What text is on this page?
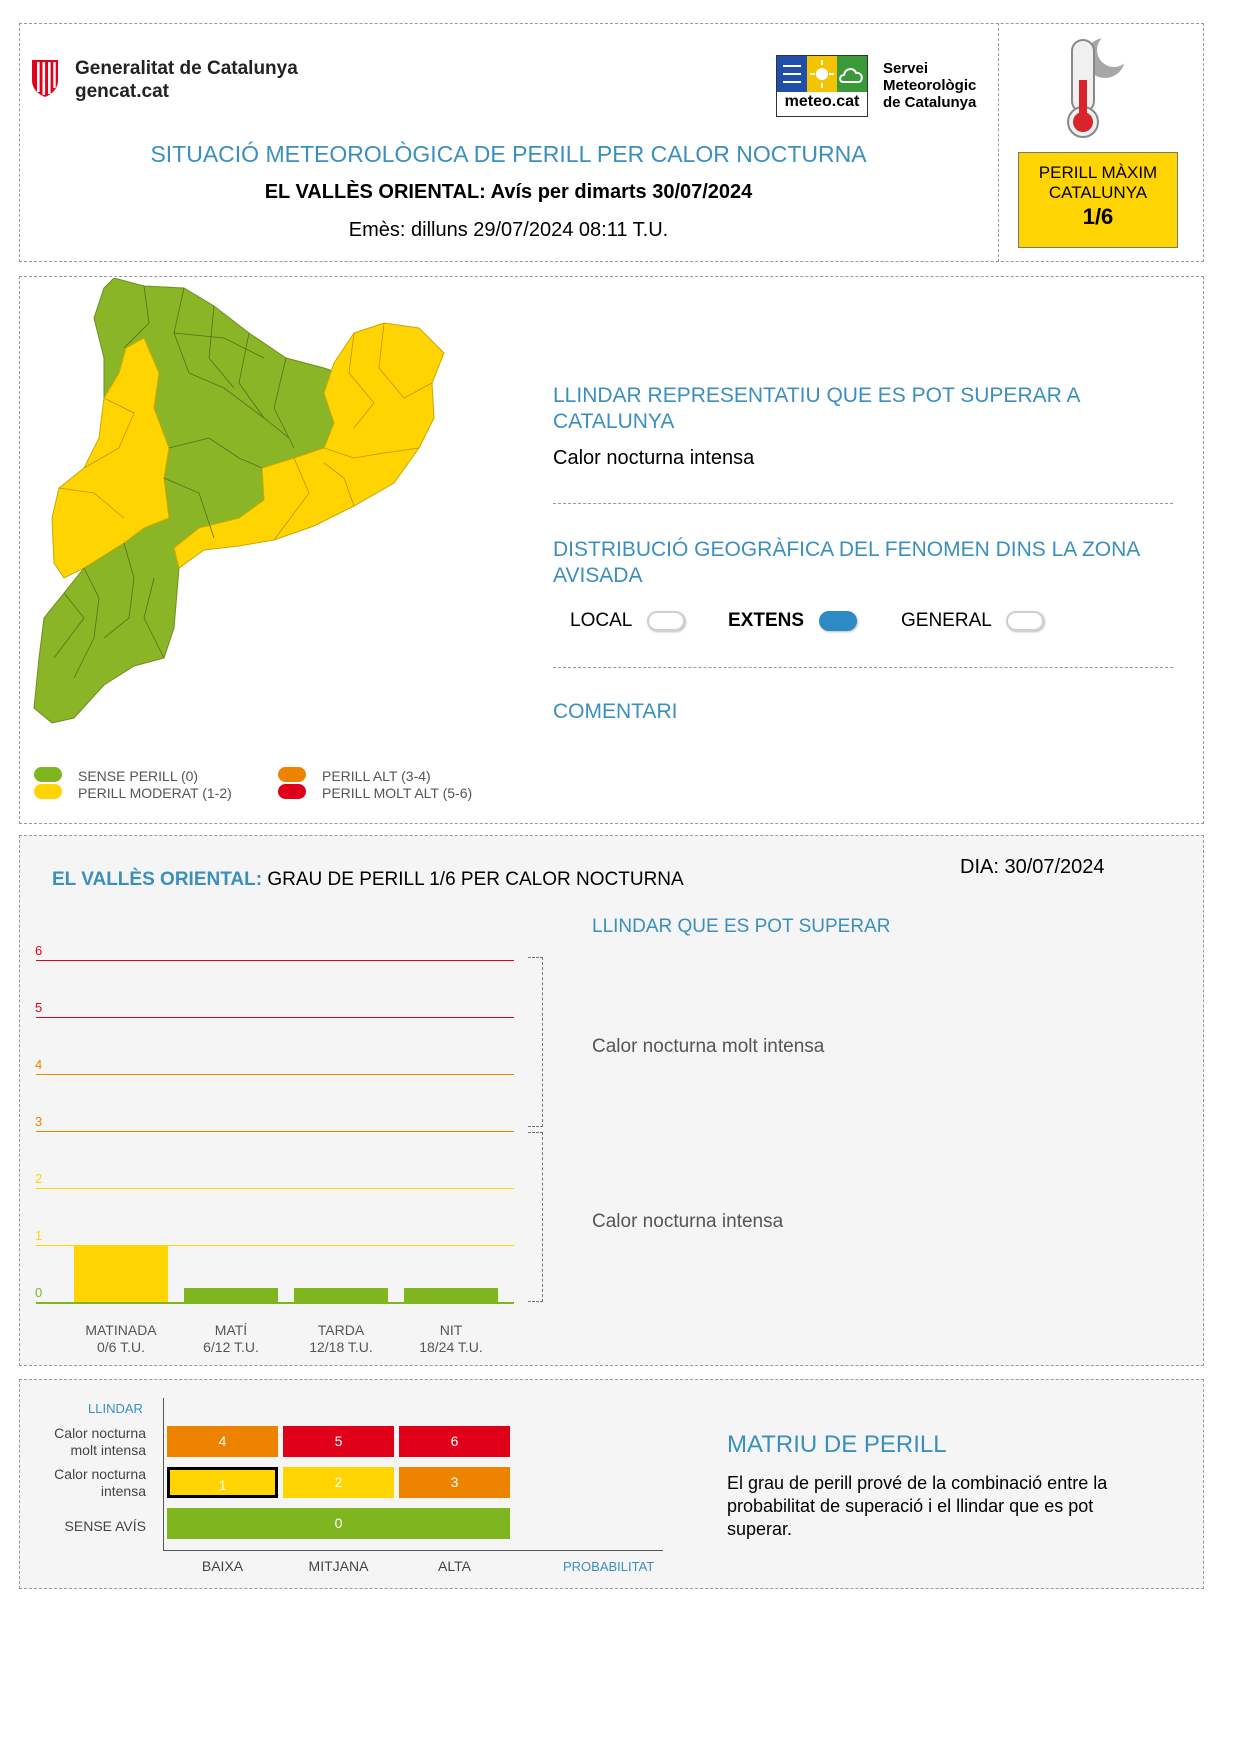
Generalitat de Catalunya
gencat.cat	meteo.cat
Servei
Meteorològic
de Catalunya
SITUACIÓ METEOROLÒGICA DE PERILL PER CALOR NOCTURNA
EL VALLÈS ORIENTAL: Avís per dimarts 30/07/2024
Emès: dilluns 29/07/2024 08:11 T.U.
PERILL MÀXIM
CATALUNYA
1/6
SENSE PERILL (0)
PERILL MODERAT (1-2)
PERILL ALT (3-4)
PERILL MOLT ALT (5-6)
LLINDAR REPRESENTATIU QUE ES POT SUPERAR A CATALUNYA
Calor nocturna intensa
DISTRIBUCIÓ GEOGRÀFICA DEL FENOMEN DINS LA ZONA AVISADA
LOCAL	EXTENS	GENERAL
COMENTARI
EL VALLÈS ORIENTAL: GRAU DE PERILL 1/6 PER CALOR NOCTURNA
DIA: 30/07/2024
LLINDAR QUE ES POT SUPERAR
0
1
2
3
4
5
6
MATINADA
0/6 T.U.
MATÍ
6/12 T.U.
TARDA
12/18 T.U.
NIT
18/24 T.U.
Calor nocturna molt intensa
Calor nocturna intensa
LLINDAR
Calor nocturna molt intensa
Calor nocturna intensa
SENSE AVÍS
4	5	6
1	2	3
0
BAIXA	MITJANA	ALTA	PROBABILITAT
MATRIU DE PERILL
El grau de perill prové de la combinació entre la probabilitat de superació i el llindar que es pot superar.
